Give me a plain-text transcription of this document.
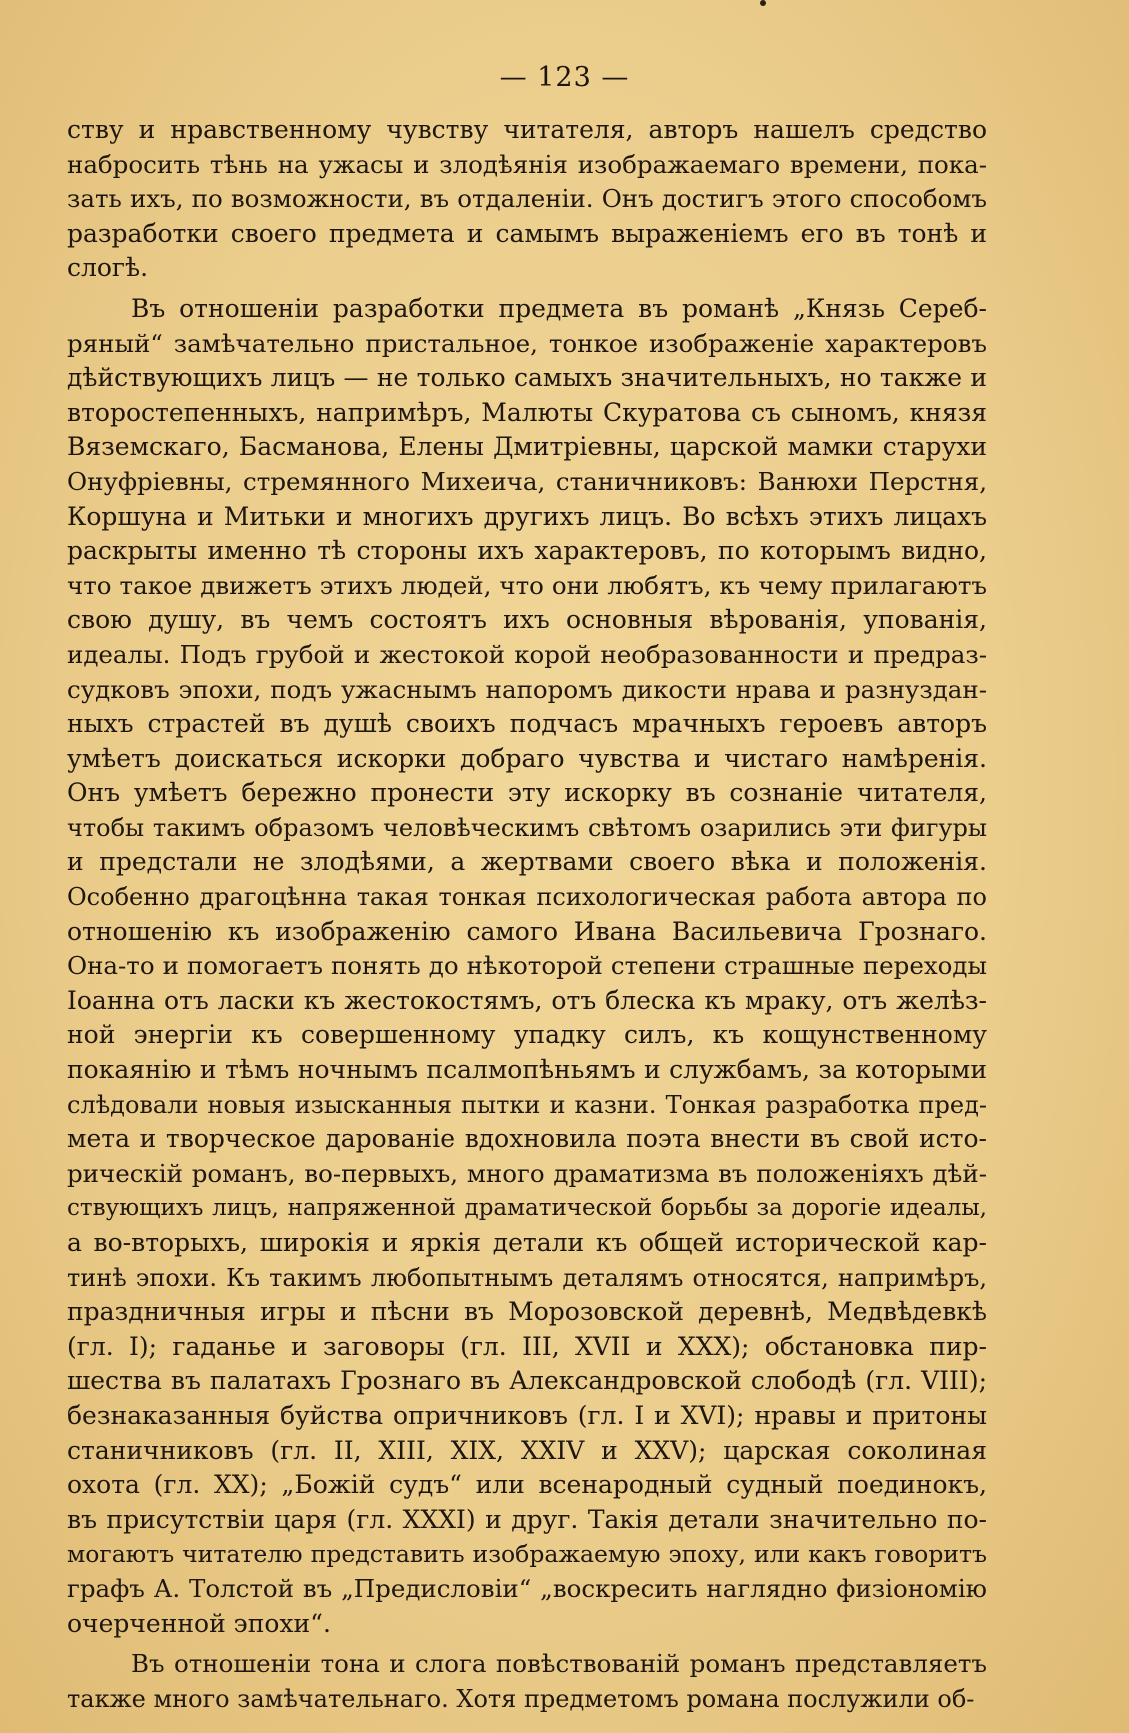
— 123 —
ству и нравственному чувству читателя, авторъ нашелъ средство
набросить тѣнь на ужасы и злодѣянія изображаемаго времени, пока-
зать ихъ, по возможности, въ отдаленіи. Онъ достигъ этого способомъ
разработки своего предмета и самымъ выраженіемъ его въ тонѣ и
слогѣ.
Въ отношеніи разработки предмета въ романѣ „Князь Сереб-
ряный“ замѣчательно пристальное, тонкое изображеніе характеровъ
дѣйствующихъ лицъ — не только самыхъ значительныхъ, но также и
второстепенныхъ, напримѣръ, Малюты Скуратова съ сыномъ, князя
Вяземскаго, Басманова, Елены Дмитріевны, царской мамки старухи
Онуфріевны, стремянного Михеича, станичниковъ: Ванюхи Перстня,
Коршуна и Митьки и многихъ другихъ лицъ. Во всѣхъ этихъ лицахъ
раскрыты именно тѣ стороны ихъ характеровъ, по которымъ видно,
что такое движетъ этихъ людей, что они любятъ, къ чему прилагаютъ
свою душу, въ чемъ состоятъ ихъ основныя вѣрованія, упованія,
идеалы. Подъ грубой и жестокой корой необразованности и предраз-
судковъ эпохи, подъ ужаснымъ напоромъ дикости нрава и разнуздан-
ныхъ страстей въ душѣ своихъ подчасъ мрачныхъ героевъ авторъ
умѣетъ доискаться искорки добраго чувства и чистаго намѣренія.
Онъ умѣетъ бережно пронести эту искорку въ сознаніе читателя,
чтобы такимъ образомъ человѣческимъ свѣтомъ озарились эти фигуры
и предстали не злодѣями, а жертвами своего вѣка и положенія.
Особенно драгоцѣнна такая тонкая психологическая работа автора по
отношенію къ изображенію самого Ивана Васильевича Грознаго.
Она-то и помогаетъ понять до нѣкоторой степени страшные переходы
Іоанна отъ ласки къ жестокостямъ, отъ блеска къ мраку, отъ желѣз-
ной энергіи къ совершенному упадку силъ, къ кощунственному
покаянію и тѣмъ ночнымъ псалмопѣньямъ и службамъ, за которыми
слѣдовали новыя изысканныя пытки и казни. Тонкая разработка пред-
мета и творческое дарованіе вдохновила поэта внести въ свой исто-
рическій романъ, во-первыхъ, много драматизма въ положеніяхъ дѣй-
ствующихъ лицъ, напряженной драматической борьбы за дорогіе идеалы,
а во-вторыхъ, широкія и яркія детали къ общей исторической кар-
тинѣ эпохи. Къ такимъ любопытнымъ деталямъ относятся, напримѣръ,
праздничныя игры и пѣсни въ Морозовской деревнѣ, Медвѣдевкѣ
(гл. I); гаданье и заговоры (гл. III, XVII и XXX); обстановка пир-
шества въ палатахъ Грознаго въ Александровской слободѣ (гл. VIII);
безнаказанныя буйства опричниковъ (гл. I и XVI); нравы и притоны
станичниковъ (гл. II, XIII, XIX, XXIV и XXV); царская соколиная
охота (гл. XX); „Божій судъ“ или всенародный судный поединокъ,
въ присутствіи царя (гл. XXXI) и друг. Такія детали значительно по-
могаютъ читателю представить изображаемую эпоху, или какъ говоритъ
графъ А. Толстой въ „Предисловіи“ „воскресить наглядно физіономію
очерченной эпохи“.
Въ отношеніи тона и слога повѣствованій романъ представляетъ
также много замѣчательнаго. Хотя предметомъ романа послужили об-
